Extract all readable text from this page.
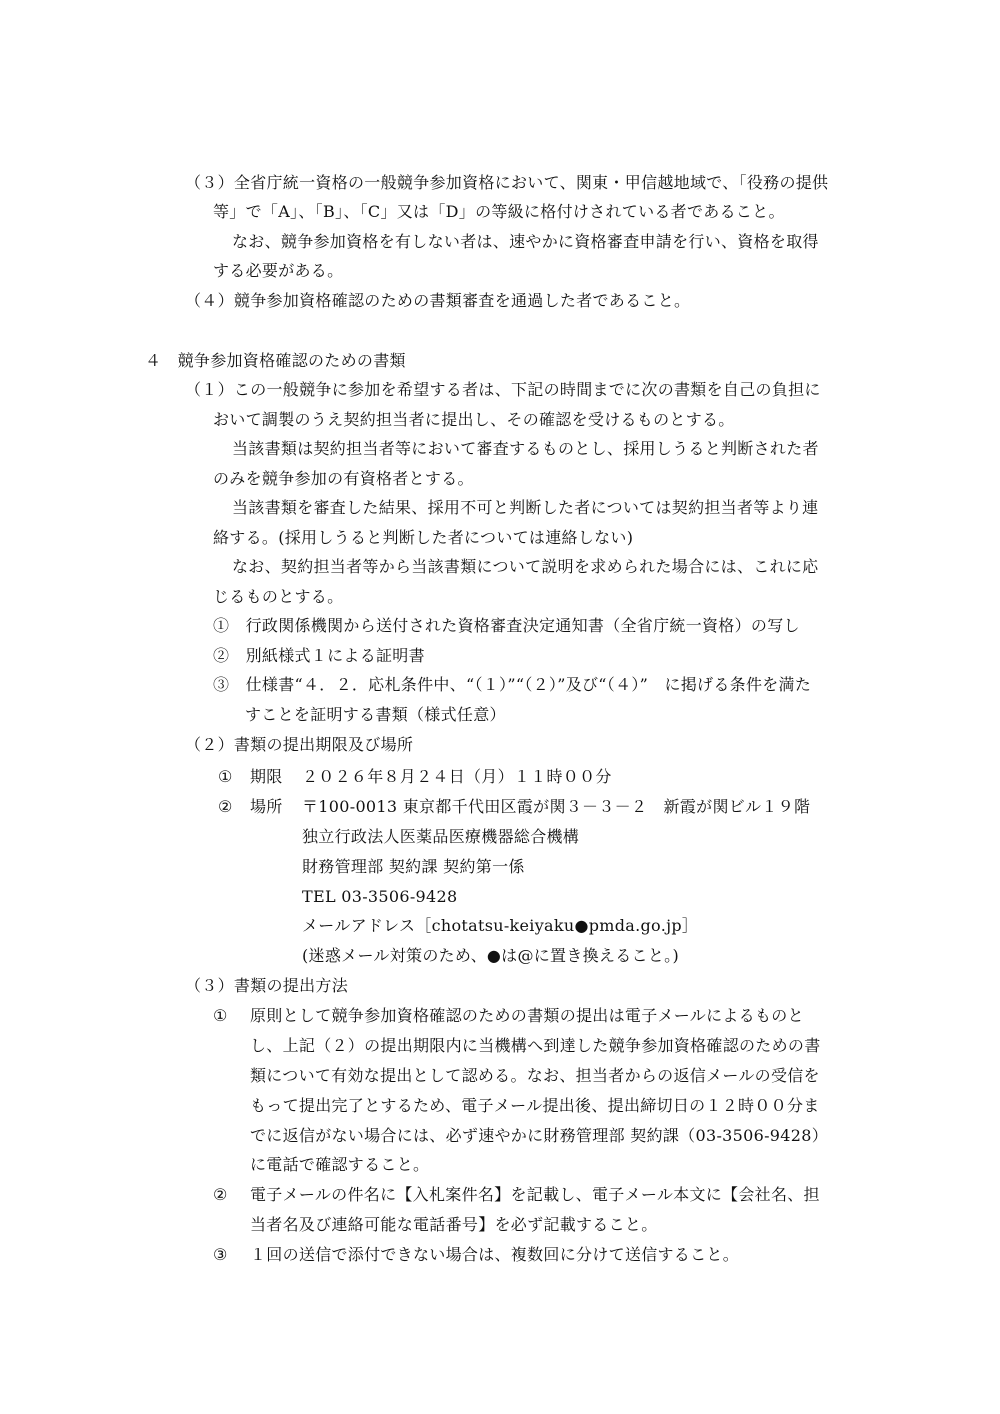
（３）全省庁統一資格の一般競争参加資格において、関東・甲信越地域で、「役務の提供
等」で「A」、「B」、「C」又は「D」の等級に格付けされている者であること。
なお、競争参加資格を有しない者は、速やかに資格審査申請を行い、資格を取得
する必要がある。
（４）競争参加資格確認のための書類審査を通過した者であること。
４　競争参加資格確認のための書類
（１）この一般競争に参加を希望する者は、下記の時間までに次の書類を自己の負担に
おいて調製のうえ契約担当者に提出し、その確認を受けるものとする。
当該書類は契約担当者等において審査するものとし、採用しうると判断された者
のみを競争参加の有資格者とする。
当該書類を審査した結果、採用不可と判断した者については契約担当者等より連
絡する。(採用しうると判断した者については連絡しない)
なお、契約担当者等から当該書類について説明を求められた場合には、これに応
じるものとする。
①　行政関係機関から送付された資格審査決定通知書（全省庁統一資格）の写し
②　別紙様式１による証明書
③　仕様書“４．２．応札条件中、“（１）”“（２）”及び“（４）”　に掲げる条件を満た
すことを証明する書類（様式任意）
（２）書類の提出期限及び場所
① 期限 ２０２６年８月２４日（月）１１時００分
② 場所 〒100-0013 東京都千代田区霞が関３－３－２　新霞が関ビル１９階
独立行政法人医薬品医療機器総合機構
財務管理部 契約課 契約第一係
TEL 03-3506-9428
メールアドレス［chotatsu-keiyaku●pmda.go.jp］
(迷惑メール対策のため、●は@に置き換えること。)
（３）書類の提出方法
① 原則として競争参加資格確認のための書類の提出は電子メールによるものと
し、上記（２）の提出期限内に当機構へ到達した競争参加資格確認のための書
類について有効な提出として認める。なお、担当者からの返信メールの受信を
もって提出完了とするため、電子メール提出後、提出締切日の１２時００分ま
でに返信がない場合には、必ず速やかに財務管理部 契約課（03-3506-9428）
に電話で確認すること。
② 電子メールの件名に【入札案件名】を記載し、電子メール本文に【会社名、担
当者名及び連絡可能な電話番号】を必ず記載すること。
③ １回の送信で添付できない場合は、複数回に分けて送信すること。
